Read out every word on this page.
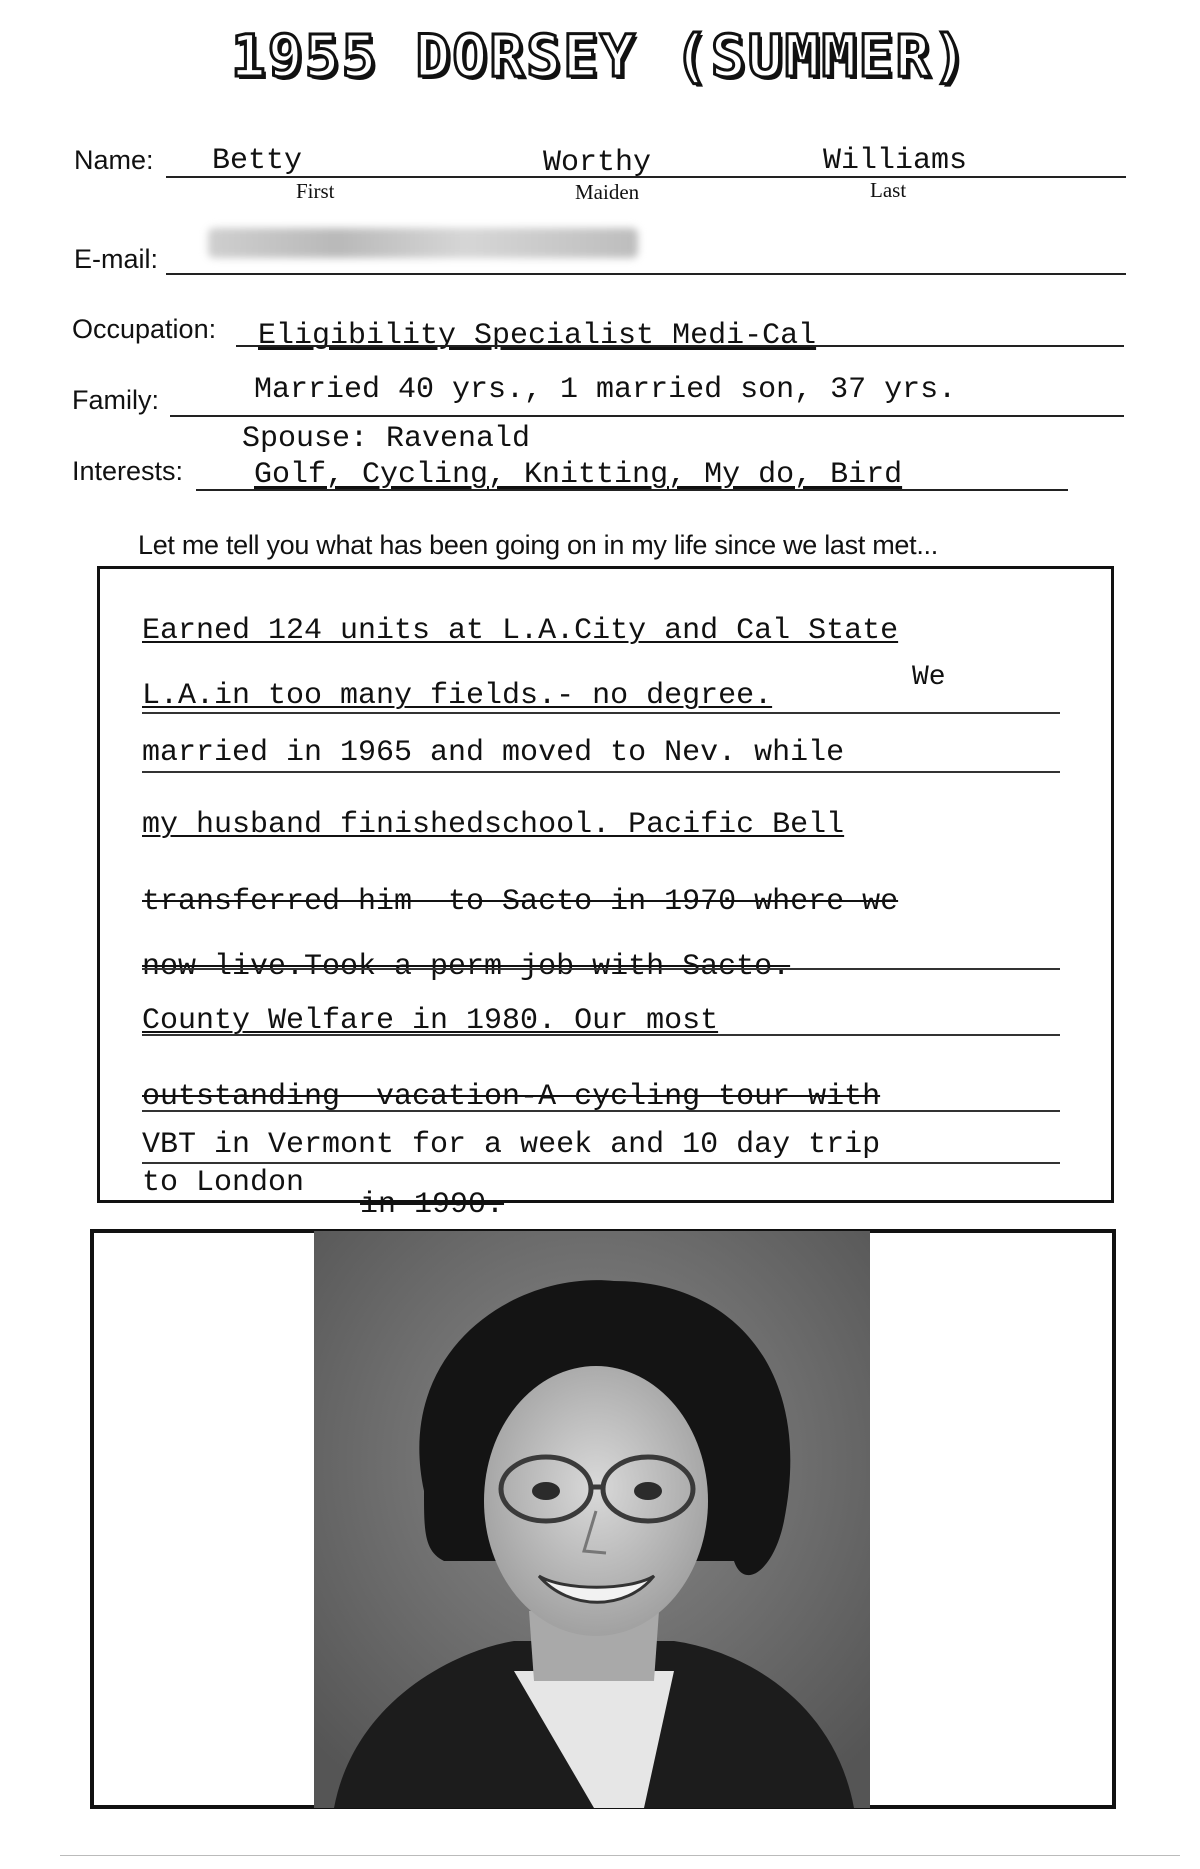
1955 DORSEY (SUMMER)
Name: Betty
First
Worthy
Maiden
Williams
Last
E-mail:
Occupation: Eligibility Specialist Medi-Cal
Family:	Married 40 yrs., 1 married son, 37 yrs.
Spouse: Ravenald
Interests: Golf, Cycling, Knitting, My do, Bird
Let me tell you what has been going on in my life since we last met...
Earned 124 units at L.A.City and Cal State
L.A.in too many fields.- no degree.
We
married in 1965 and moved to Nev. while
my husband finishedschool. Pacific Bell
transferred him  to Sacto in 1970 where we
now live.Took a perm job with Sacto.
County Welfare in 1980. Our most
outstanding  vacation-A cycling tour with
VBT in Vermont for a week and 10 day trip
to London
in 1990.
